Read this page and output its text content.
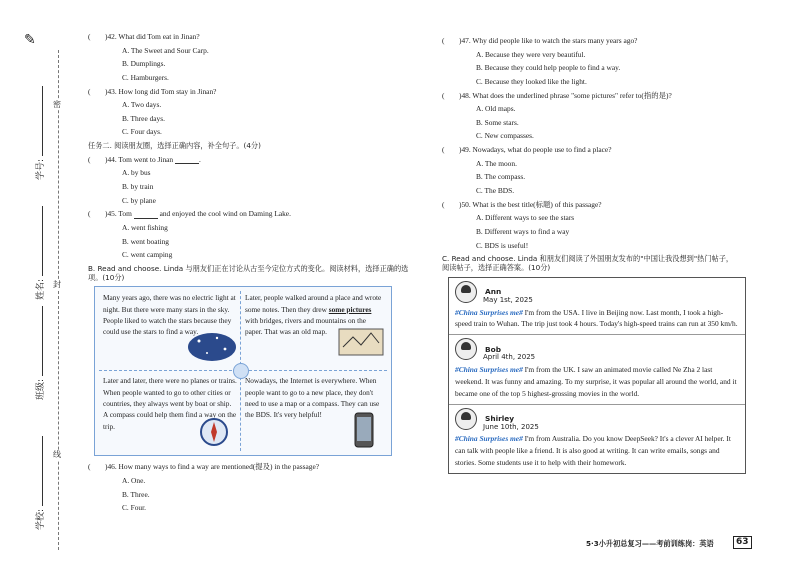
✎
学号:
姓名:
班级:
学校:
密
封
线
(	)42. What did Tom eat in Jinan?
A. The Sweet and Sour Carp.
B. Dumplings.
C. Hamburgers.
(	)43. How long did Tom stay in Jinan?
A. Two days.
B. Three days.
C. Four days.
任务二. 阅读朋友圈，选择正确内容，补全句子。(4分)
(	)44. Tom went to Jinan
	.
A. by bus
B. by train
C. by plane
(	)45. Tom

	and enjoyed the cool wind on Daming Lake.
A. went fishing
B. went boating
C. went camping
B. Read and choose. Linda 与朋友们正在讨论从古至今定位方式的变化。阅读材料，选择正确的选项。(10分)
Many years ago, there was no electric light at night. But there were many stars in the sky. People liked to watch the stars because they could use the stars to find a way.
Later, people walked around a place and wrote some notes. Then they drew some pictures with bridges, rivers and mountains on the paper. That was an old map.
Later and later, there were no planes or trains. When people wanted to go to other cities or countries, they always went by boat or ship. A compass could help them find a way on the trip.
Nowadays, the Internet is everywhere. When people want to go to a new place, they don't need to use a map or a compass. They can use the BDS. It's very helpful!
(	)46. How many ways to find a way are mentioned(提及) in the passage?
A. One.
B. Three.
C. Four.
(	)47. Why did people like to watch the stars many years ago?
A. Because they were very beautiful.
B. Because they could help people to find a way.
C. Because they looked like the light.
(	)48. What does the underlined phrase "some pictures" refer to(指的是)?
A. Old maps.
B. Some stars.
C. New compasses.
(	)49. Nowadays, what do people use to find a place?
A. The moon.
B. The compass.
C. The BDS.
(	)50. What is the best title(标题) of this passage?
A. Different ways to see the stars
B. Different ways to find a way
C. BDS is useful!
C. Read and choose. Linda 和朋友们阅读了外国朋友发布的"中国让我没想到"热门帖子，阅读帖子，选择正确答案。(10分)
Ann
May 1st, 2025
#China Surprises me# I'm from the USA. I live in Beijing now. Last month, I took a high-speed train to Wuhan. The trip just took 4 hours. Today's high-speed trains can run at 350 km/h.
Bob
April 4th, 2025
#China Surprises me# I'm from the UK. I saw an animated movie called Ne Zha 2 last weekend. It was funny and amazing. To my surprise, it was popular all around the world, and it became one of the top 5 highest-grossing movies in the world.
Shirley
June 10th, 2025
#China Surprises me# I'm from Australia. Do you know DeepSeek? It's a clever AI helper. It can talk with people like a friend. It is also good at writing. It can write emails, songs and stories. Some students use it to help with their homework.
5·3小升初总复习——考前训练岗：英语	63
